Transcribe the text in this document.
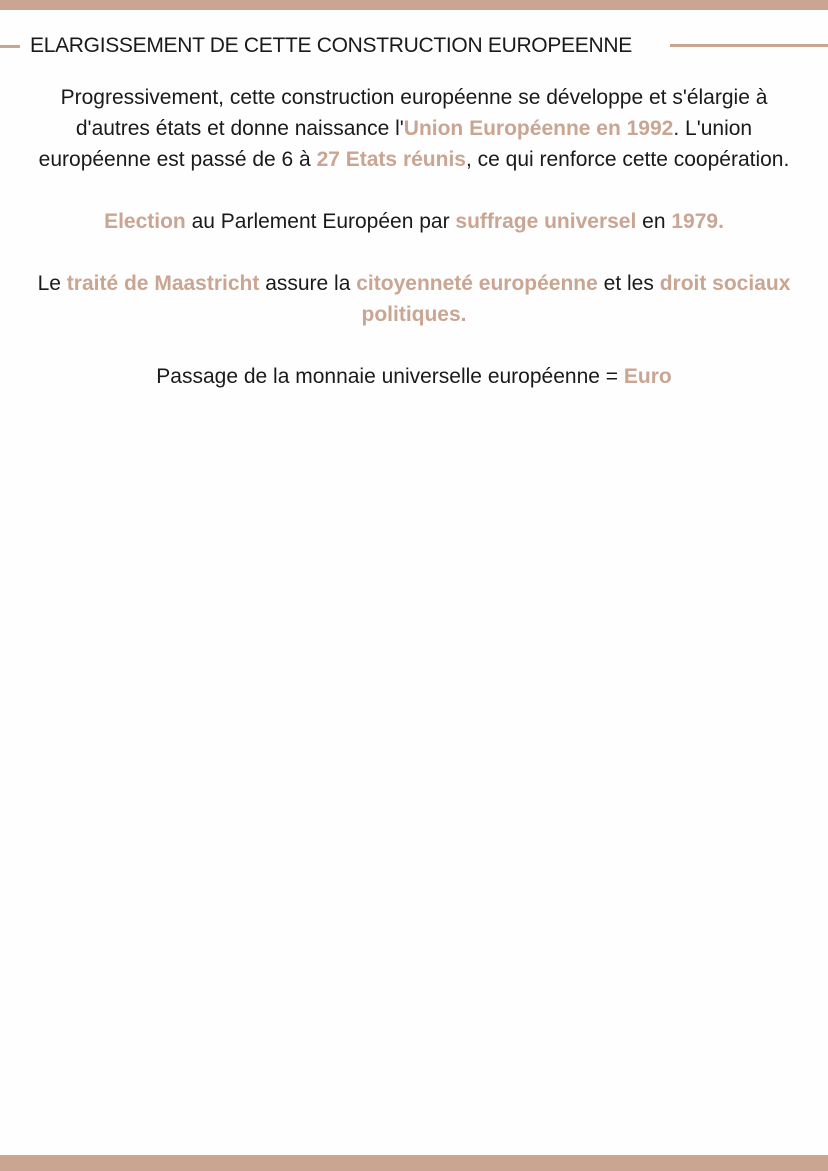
ELARGISSEMENT DE CETTE CONSTRUCTION EUROPEENNE

Progressivement, cette construction européenne se développe et s'élargie à d'autres états et donne naissance l'Union Européenne en 1992. L'union européenne est passé de 6 à 27 Etats réunis, ce qui renforce cette coopération.

Election au Parlement Européen par suffrage universel en 1979.

Le traité de Maastricht assure la citoyenneté européenne et les droit sociaux politiques.

Passage de la monnaie universelle européenne = Euro
